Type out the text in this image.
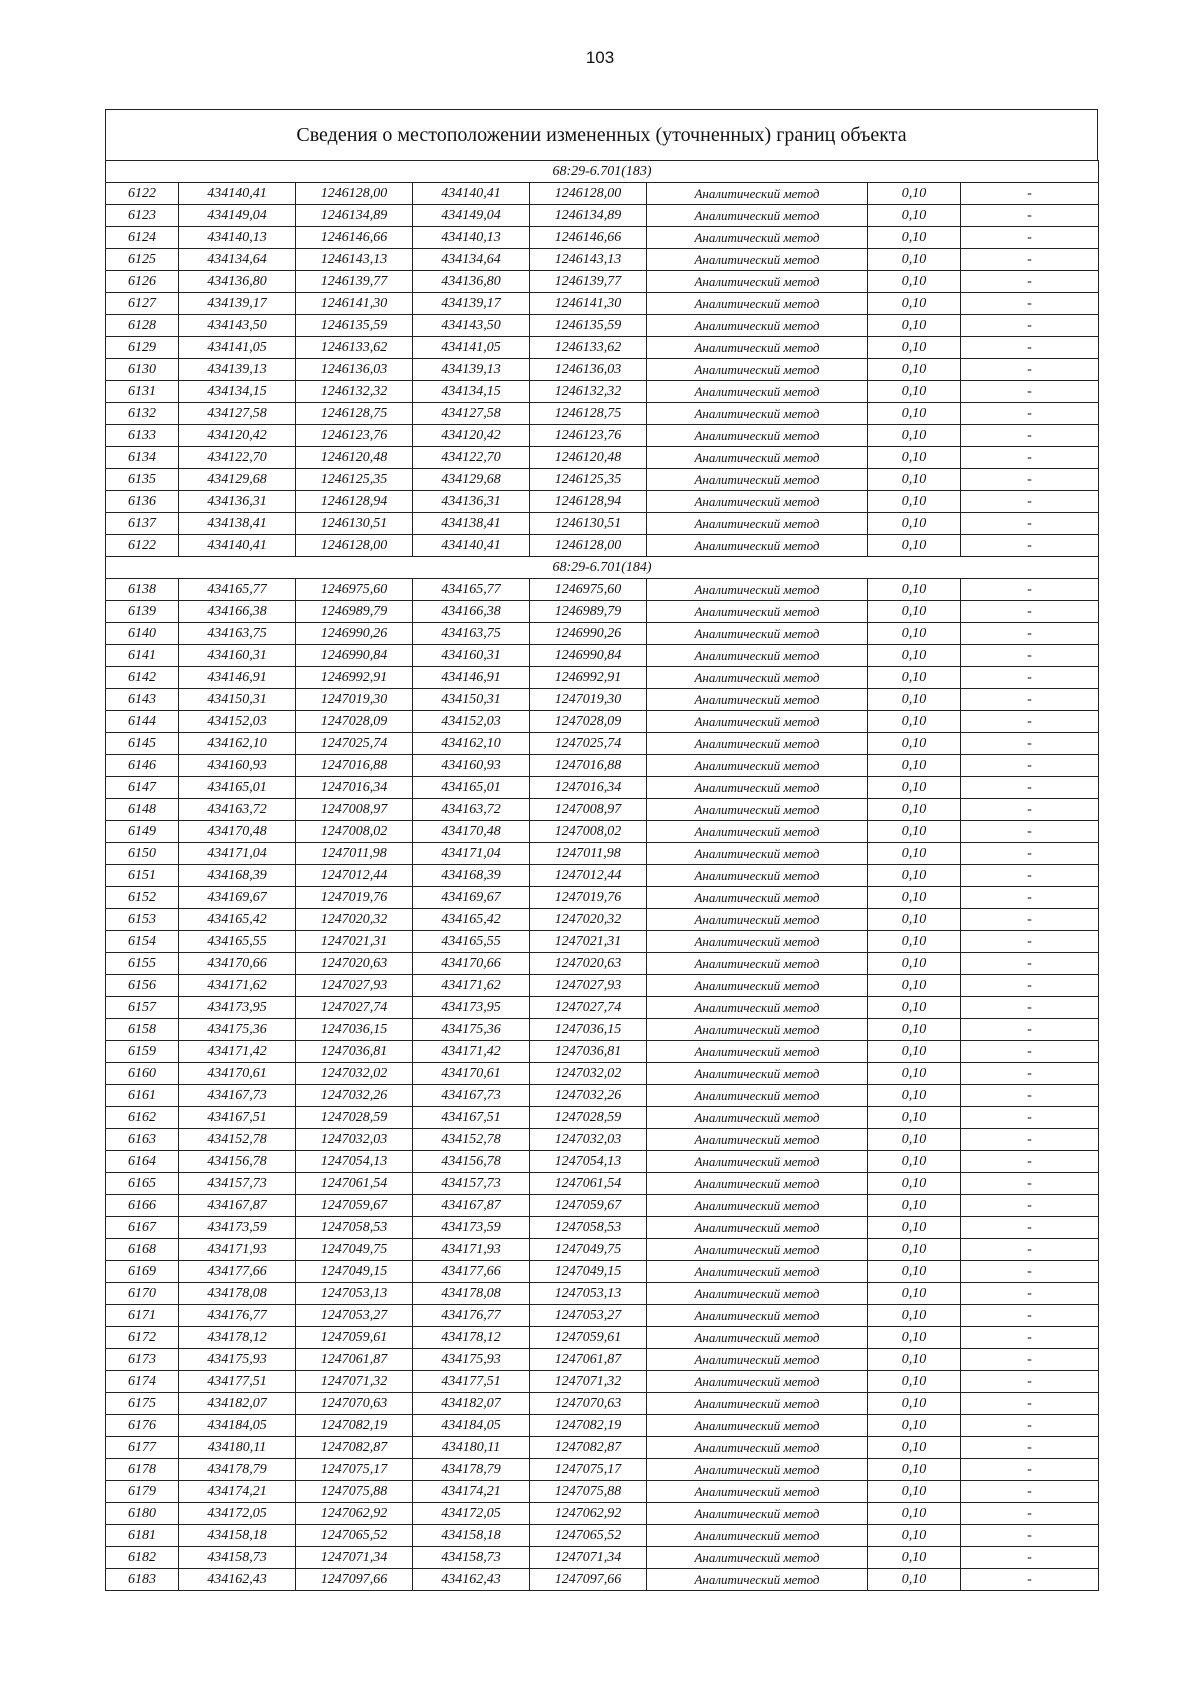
103
Сведения о местоположении измененных (уточненных) границ объекта
68:29-6.701(183)							
6122	434140,41	1246128,00	434140,41	1246128,00	Аналитический метод	0,10	-
6123	434149,04	1246134,89	434149,04	1246134,89	Аналитический метод	0,10	-
6124	434140,13	1246146,66	434140,13	1246146,66	Аналитический метод	0,10	-
6125	434134,64	1246143,13	434134,64	1246143,13	Аналитический метод	0,10	-
6126	434136,80	1246139,77	434136,80	1246139,77	Аналитический метод	0,10	-
6127	434139,17	1246141,30	434139,17	1246141,30	Аналитический метод	0,10	-
6128	434143,50	1246135,59	434143,50	1246135,59	Аналитический метод	0,10	-
6129	434141,05	1246133,62	434141,05	1246133,62	Аналитический метод	0,10	-
6130	434139,13	1246136,03	434139,13	1246136,03	Аналитический метод	0,10	-
6131	434134,15	1246132,32	434134,15	1246132,32	Аналитический метод	0,10	-
6132	434127,58	1246128,75	434127,58	1246128,75	Аналитический метод	0,10	-
6133	434120,42	1246123,76	434120,42	1246123,76	Аналитический метод	0,10	-
6134	434122,70	1246120,48	434122,70	1246120,48	Аналитический метод	0,10	-
6135	434129,68	1246125,35	434129,68	1246125,35	Аналитический метод	0,10	-
6136	434136,31	1246128,94	434136,31	1246128,94	Аналитический метод	0,10	-
6137	434138,41	1246130,51	434138,41	1246130,51	Аналитический метод	0,10	-
6122	434140,41	1246128,00	434140,41	1246128,00	Аналитический метод	0,10	-
68:29-6.701(184)							
6138	434165,77	1246975,60	434165,77	1246975,60	Аналитический метод	0,10	-
6139	434166,38	1246989,79	434166,38	1246989,79	Аналитический метод	0,10	-
6140	434163,75	1246990,26	434163,75	1246990,26	Аналитический метод	0,10	-
6141	434160,31	1246990,84	434160,31	1246990,84	Аналитический метод	0,10	-
6142	434146,91	1246992,91	434146,91	1246992,91	Аналитический метод	0,10	-
6143	434150,31	1247019,30	434150,31	1247019,30	Аналитический метод	0,10	-
6144	434152,03	1247028,09	434152,03	1247028,09	Аналитический метод	0,10	-
6145	434162,10	1247025,74	434162,10	1247025,74	Аналитический метод	0,10	-
6146	434160,93	1247016,88	434160,93	1247016,88	Аналитический метод	0,10	-
6147	434165,01	1247016,34	434165,01	1247016,34	Аналитический метод	0,10	-
6148	434163,72	1247008,97	434163,72	1247008,97	Аналитический метод	0,10	-
6149	434170,48	1247008,02	434170,48	1247008,02	Аналитический метод	0,10	-
6150	434171,04	1247011,98	434171,04	1247011,98	Аналитический метод	0,10	-
6151	434168,39	1247012,44	434168,39	1247012,44	Аналитический метод	0,10	-
6152	434169,67	1247019,76	434169,67	1247019,76	Аналитический метод	0,10	-
6153	434165,42	1247020,32	434165,42	1247020,32	Аналитический метод	0,10	-
6154	434165,55	1247021,31	434165,55	1247021,31	Аналитический метод	0,10	-
6155	434170,66	1247020,63	434170,66	1247020,63	Аналитический метод	0,10	-
6156	434171,62	1247027,93	434171,62	1247027,93	Аналитический метод	0,10	-
6157	434173,95	1247027,74	434173,95	1247027,74	Аналитический метод	0,10	-
6158	434175,36	1247036,15	434175,36	1247036,15	Аналитический метод	0,10	-
6159	434171,42	1247036,81	434171,42	1247036,81	Аналитический метод	0,10	-
6160	434170,61	1247032,02	434170,61	1247032,02	Аналитический метод	0,10	-
6161	434167,73	1247032,26	434167,73	1247032,26	Аналитический метод	0,10	-
6162	434167,51	1247028,59	434167,51	1247028,59	Аналитический метод	0,10	-
6163	434152,78	1247032,03	434152,78	1247032,03	Аналитический метод	0,10	-
6164	434156,78	1247054,13	434156,78	1247054,13	Аналитический метод	0,10	-
6165	434157,73	1247061,54	434157,73	1247061,54	Аналитический метод	0,10	-
6166	434167,87	1247059,67	434167,87	1247059,67	Аналитический метод	0,10	-
6167	434173,59	1247058,53	434173,59	1247058,53	Аналитический метод	0,10	-
6168	434171,93	1247049,75	434171,93	1247049,75	Аналитический метод	0,10	-
6169	434177,66	1247049,15	434177,66	1247049,15	Аналитический метод	0,10	-
6170	434178,08	1247053,13	434178,08	1247053,13	Аналитический метод	0,10	-
6171	434176,77	1247053,27	434176,77	1247053,27	Аналитический метод	0,10	-
6172	434178,12	1247059,61	434178,12	1247059,61	Аналитический метод	0,10	-
6173	434175,93	1247061,87	434175,93	1247061,87	Аналитический метод	0,10	-
6174	434177,51	1247071,32	434177,51	1247071,32	Аналитический метод	0,10	-
6175	434182,07	1247070,63	434182,07	1247070,63	Аналитический метод	0,10	-
6176	434184,05	1247082,19	434184,05	1247082,19	Аналитический метод	0,10	-
6177	434180,11	1247082,87	434180,11	1247082,87	Аналитический метод	0,10	-
6178	434178,79	1247075,17	434178,79	1247075,17	Аналитический метод	0,10	-
6179	434174,21	1247075,88	434174,21	1247075,88	Аналитический метод	0,10	-
6180	434172,05	1247062,92	434172,05	1247062,92	Аналитический метод	0,10	-
6181	434158,18	1247065,52	434158,18	1247065,52	Аналитический метод	0,10	-
6182	434158,73	1247071,34	434158,73	1247071,34	Аналитический метод	0,10	-
6183	434162,43	1247097,66	434162,43	1247097,66	Аналитический метод	0,10	-
